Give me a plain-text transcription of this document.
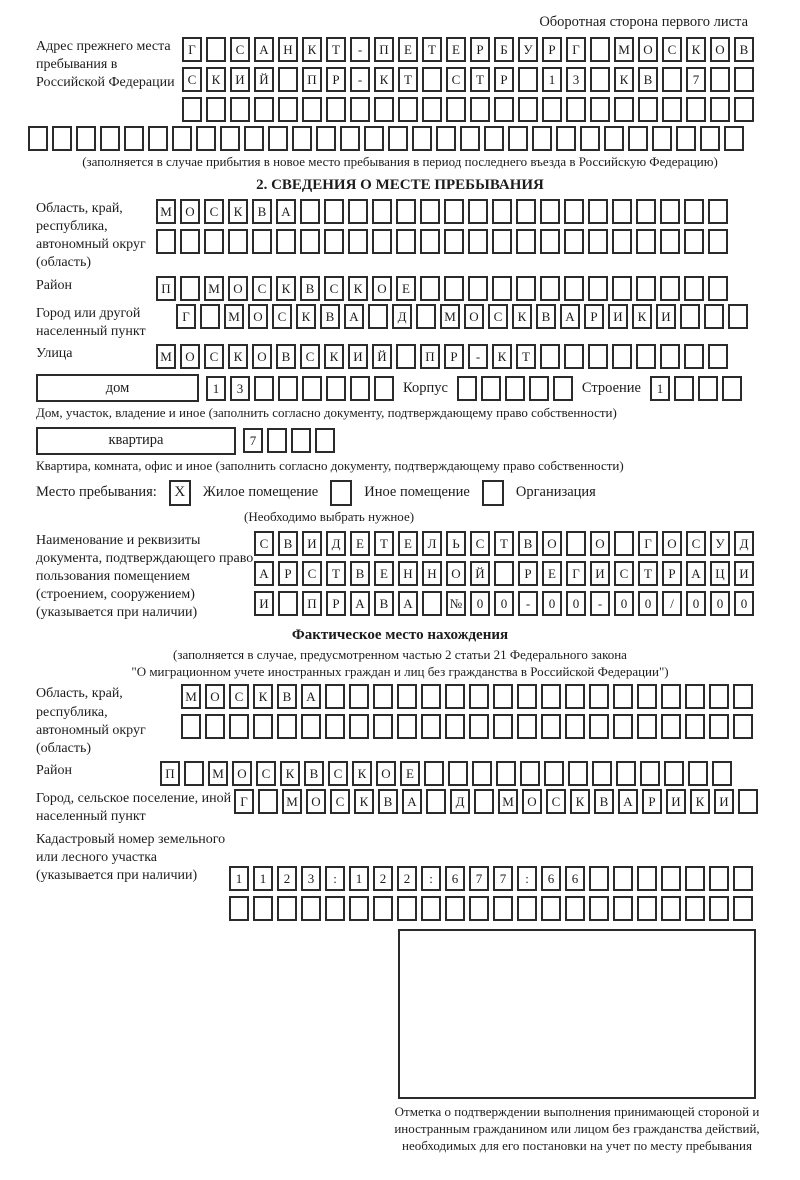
Оборотная сторона первого листа
Адрес прежнего места пребывания в Российской Федерации
Г	С	А	Н	К	Т	-	П	Е	Т	Е	Р	Б	У	Р	Г	М	О	С	К	О	В
С	К	И	Й	П	Р	-	К	Т	С	Т	Р	1	3	К	В	7
(заполняется в случае прибытия в новое место пребывания в период последнего въезда в Российскую Федерацию)
2. СВЕДЕНИЯ О МЕСТЕ ПРЕБЫВАНИЯ
Область, край, республика, автономный округ (область)
М	О	С	К	В	А
Район	П	М	О	С	К	В	С	К	О	Е
Город или другой населенный пункт
Г	М	О	С	К	В	А	Д	М	О	С	К	В	А	Р	И	К	И
Улица	М	О	С	К	О	В	С	К	И	Й	П	Р	-	К	Т
дом	1	3	Корпус	Строение	1
Дом, участок, владение и иное (заполнить согласно документу, подтверждающему право собственности)
квартира	7
Квартира, комната, офис и иное (заполнить согласно документу, подтверждающему право собственности)
Место пребывания:	X	Жилое помещение	Иное помещение	Организация
(Необходимо выбрать нужное)
Наименование и реквизиты документа, подтверждающего право пользования помещением (строением, сооружением) (указывается при наличии)
С	В	И	Д	Е	Т	Е	Л	Ь	С	Т	В	О	О	Г	О	С	У	Д
А	Р	С	Т	В	Е	Н	Н	О	Й	Р	Е	Г	И	С	Т	Р	А	Ц	И
И	П	Р	А	В	А	№	0	0	-	0	0	-	0	0	/	0	0	0
Фактическое место нахождения
(заполняется в случае, предусмотренном частью 2 статьи 21 Федерального закона
"О миграционном учете иностранных граждан и лиц без гражданства в Российской Федерации")
Область, край, республика, автономный округ (область)
М	О	С	К	В	А
Район	П	М	О	С	К	В	С	К	О	Е
Город, сельское поселение, иной населенный пункт
Г	М	О	С	К	В	А	Д	М	О	С	К	В	А	Р	И	К	И
Кадастровый номер земельного или лесного участка (указывается при наличии)	1	1	2	3	:	1	2	2	:	6	7	7	:	6	6
Отметка о подтверждении выполнения принимающей стороной и иностранным гражданином или лицом без гражданства действий, необходимых для его постановки на учет по месту пребывания
